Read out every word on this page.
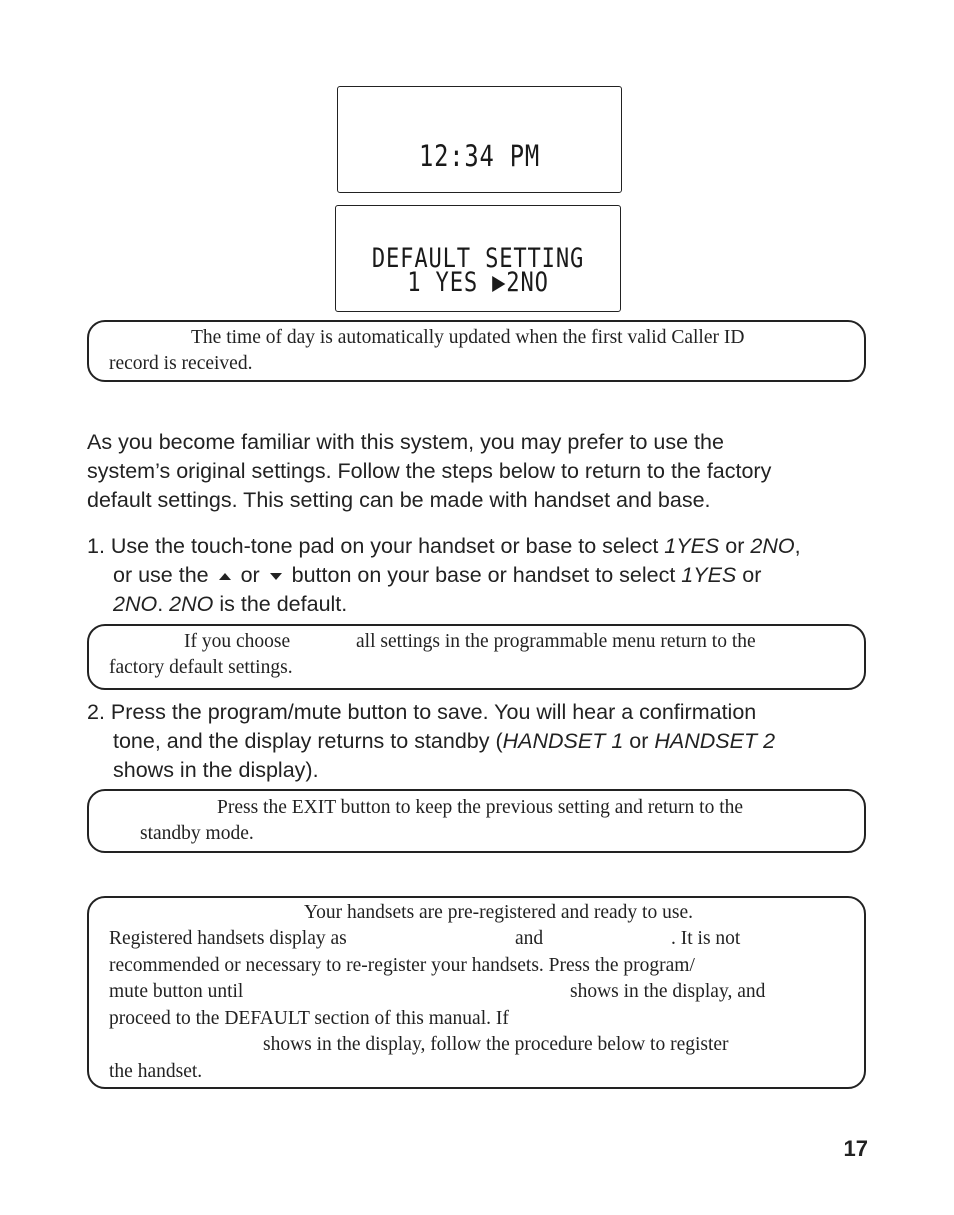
12:34 PM
DEFAULT SETTING
1 YES ▶2NO
The time of day is automatically updated when the first valid Caller ID
record is received.
As you become familiar with this system, you may prefer to use the
system’s original settings. Follow the steps below to return to the factory
default settings. This setting can be made with handset and base.
1. Use the touch-tone pad on your handset or base to select 1YES or 2NO,
or use the  or  button on your base or handset to select 1YES or
2NO. 2NO is the default.
If you choose	all settings in the programmable menu return to the
factory default settings.
2. Press the program/mute button to save. You will hear a confirmation
tone, and the display returns to standby (HANDSET 1 or HANDSET 2
shows in the display).
Press the EXIT button to keep the previous setting and return to the
standby mode.
Your handsets are pre-registered and ready to use.
Registered handsets display as	and	. It is not
recommended or necessary to re-register your handsets. Press the program/
mute button until	shows in the display, and
proceed to the DEFAULT section of this manual. If
shows in the display, follow the procedure below to register
the handset.
17
